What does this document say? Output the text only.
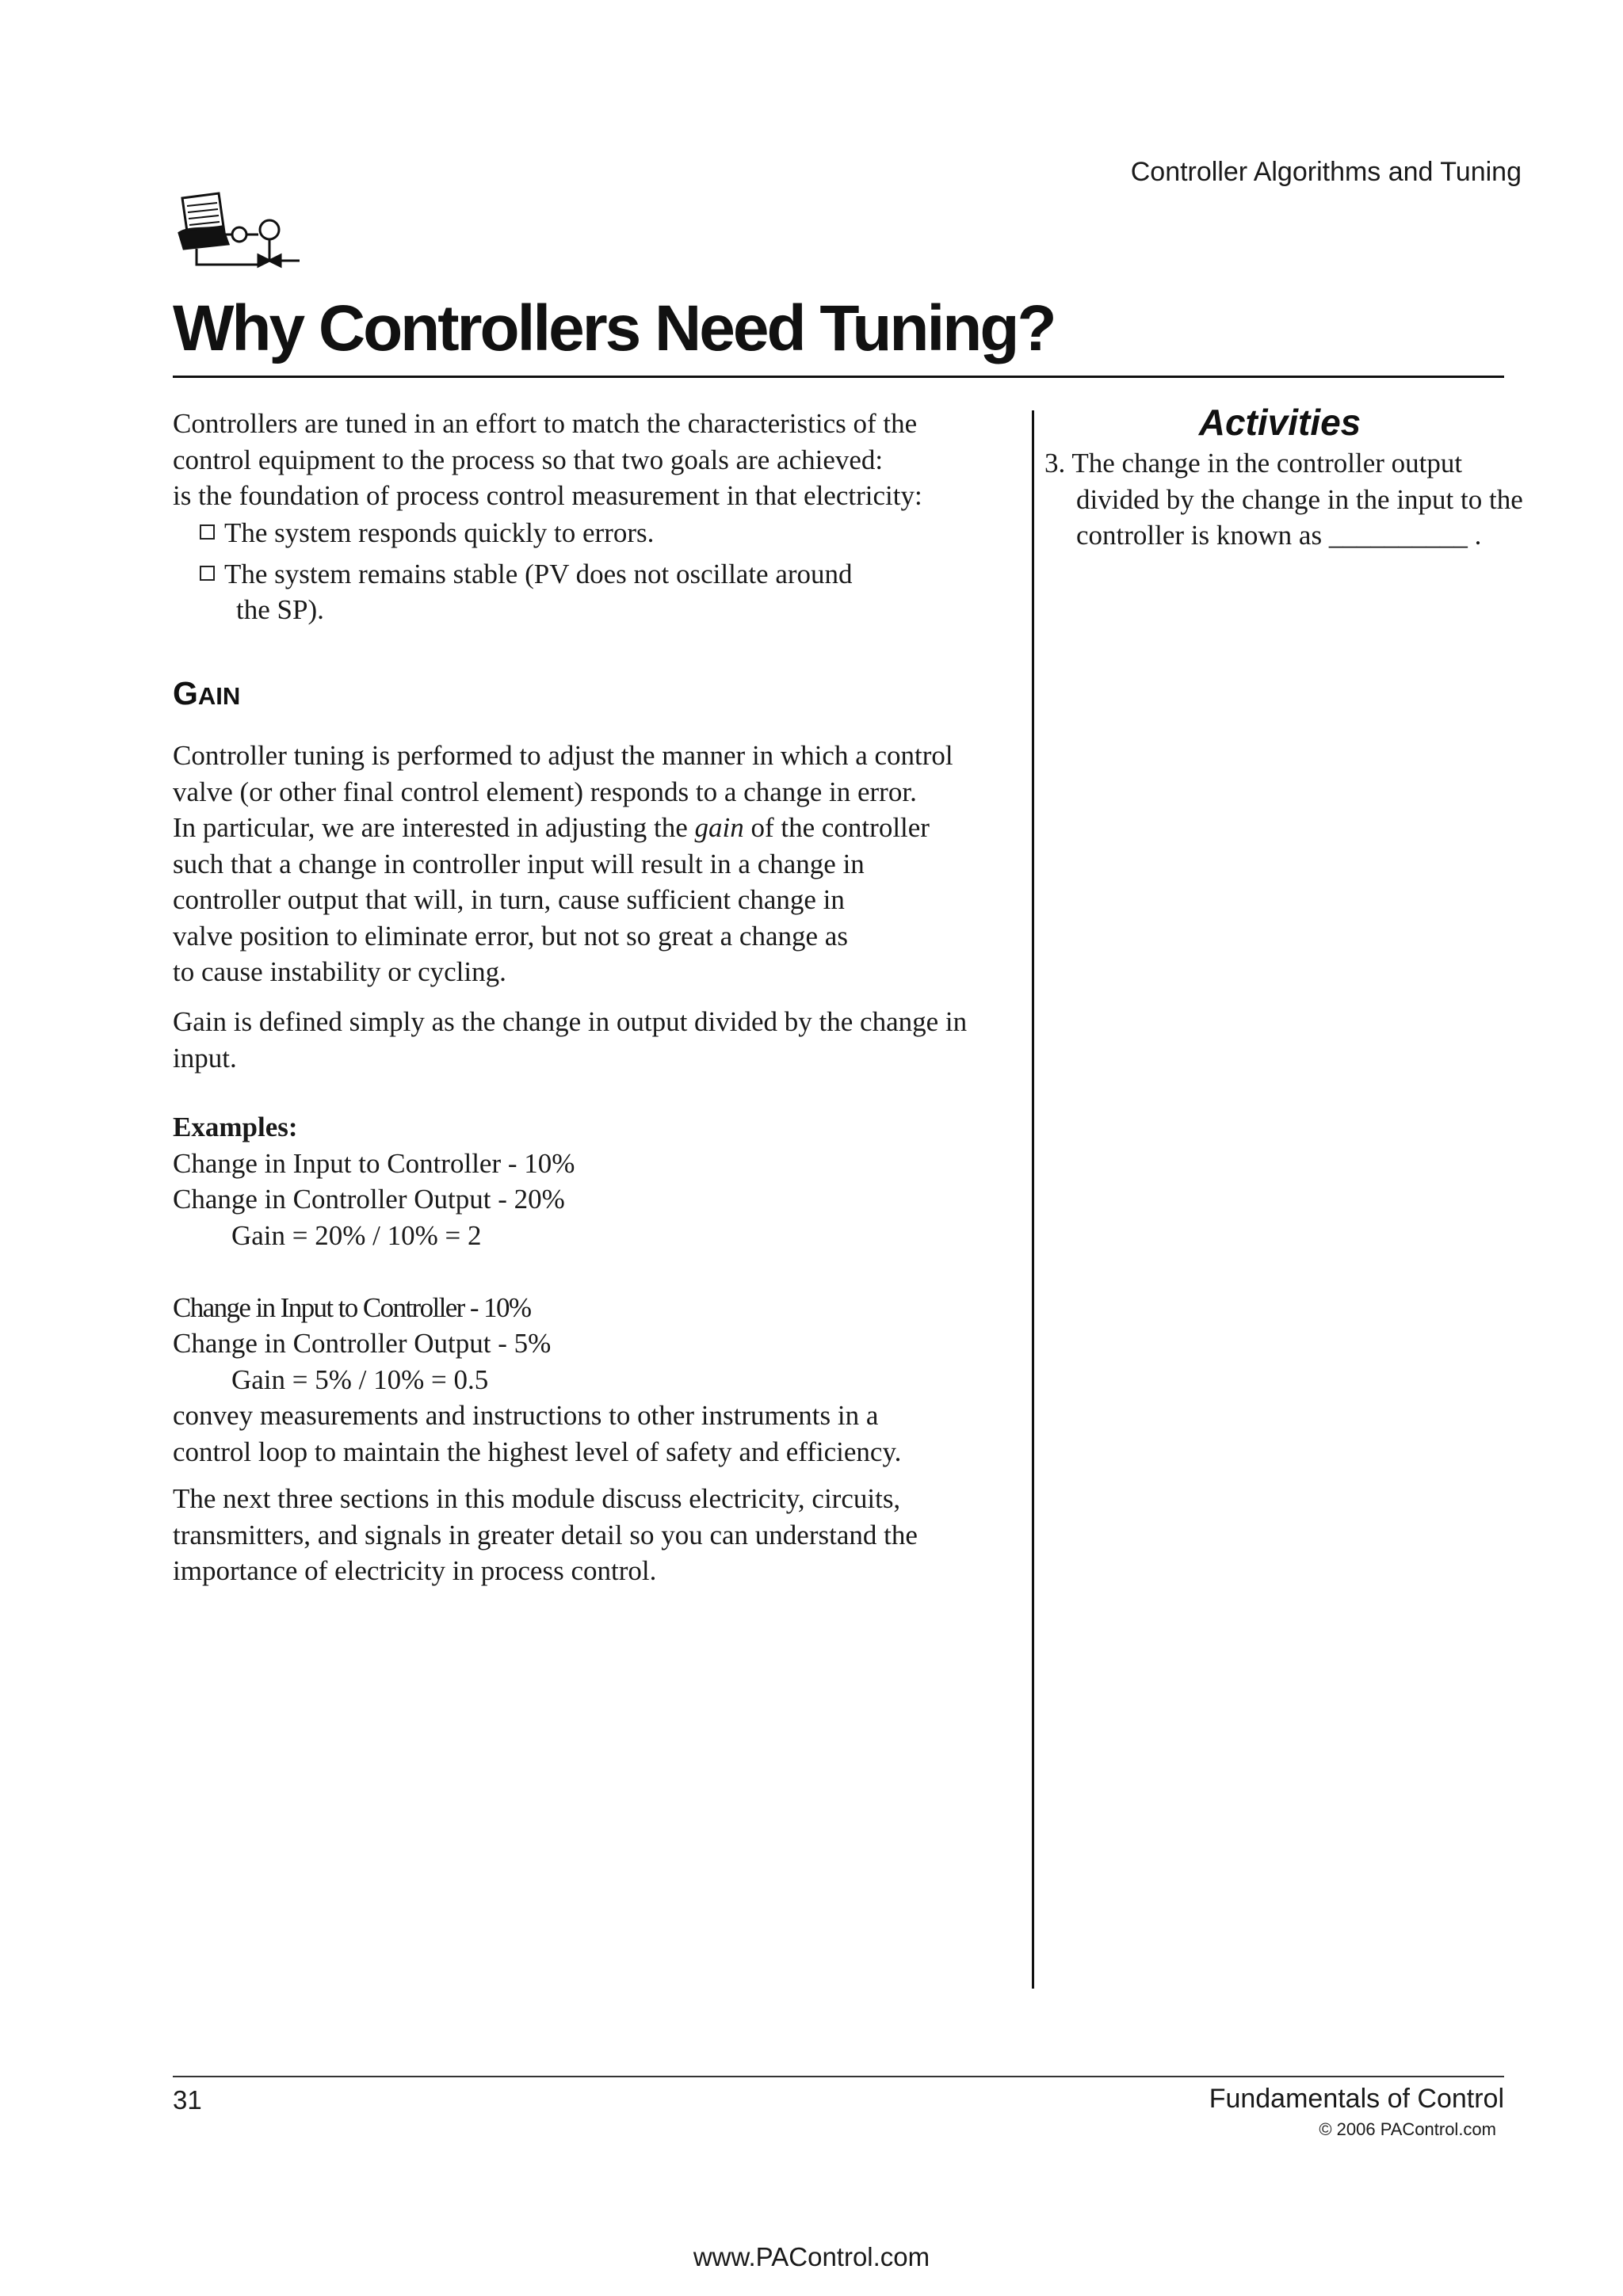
Controller Algorithms and Tuning
Why Controllers Need Tuning?
Controllers are tuned in an effort to match the characteristics of the
control equipment to the process so that two goals are achieved:
is the foundation of process control measurement in that electricity:
The system responds quickly to errors.
The system remains stable (PV does not oscillate around
the SP).
GAIN
Controller tuning is performed to adjust the manner in which a control
valve (or other final control element) responds to a change in error.
In particular, we are interested in adjusting the gain of the controller
such that a change in controller input will result in a change in
controller output that will, in turn, cause sufficient change in
valve position to eliminate error, but not so great a change as
to cause instability or cycling.
Gain is defined simply as the change in output divided by the change in input.
Examples:
Change in Input to Controller - 10%
Change in Controller Output - 20%
Gain = 20% / 10% = 2
Change in Input to Controller - 10%
Change in Controller Output - 5%
Gain = 5% / 10% = 0.5
convey measurements and instructions to other instruments in a
control loop to maintain the highest level of safety and efficiency.
The next three sections in this module discuss electricity, circuits, transmitters, and signals in greater detail so you can understand the importance of electricity in process control.
Activities
3. The change in the controller output
divided by the change in the input to the
controller is known as __________ .
31	Fundamentals of Control
© 2006 PAControl.com
www.PAControl.com
